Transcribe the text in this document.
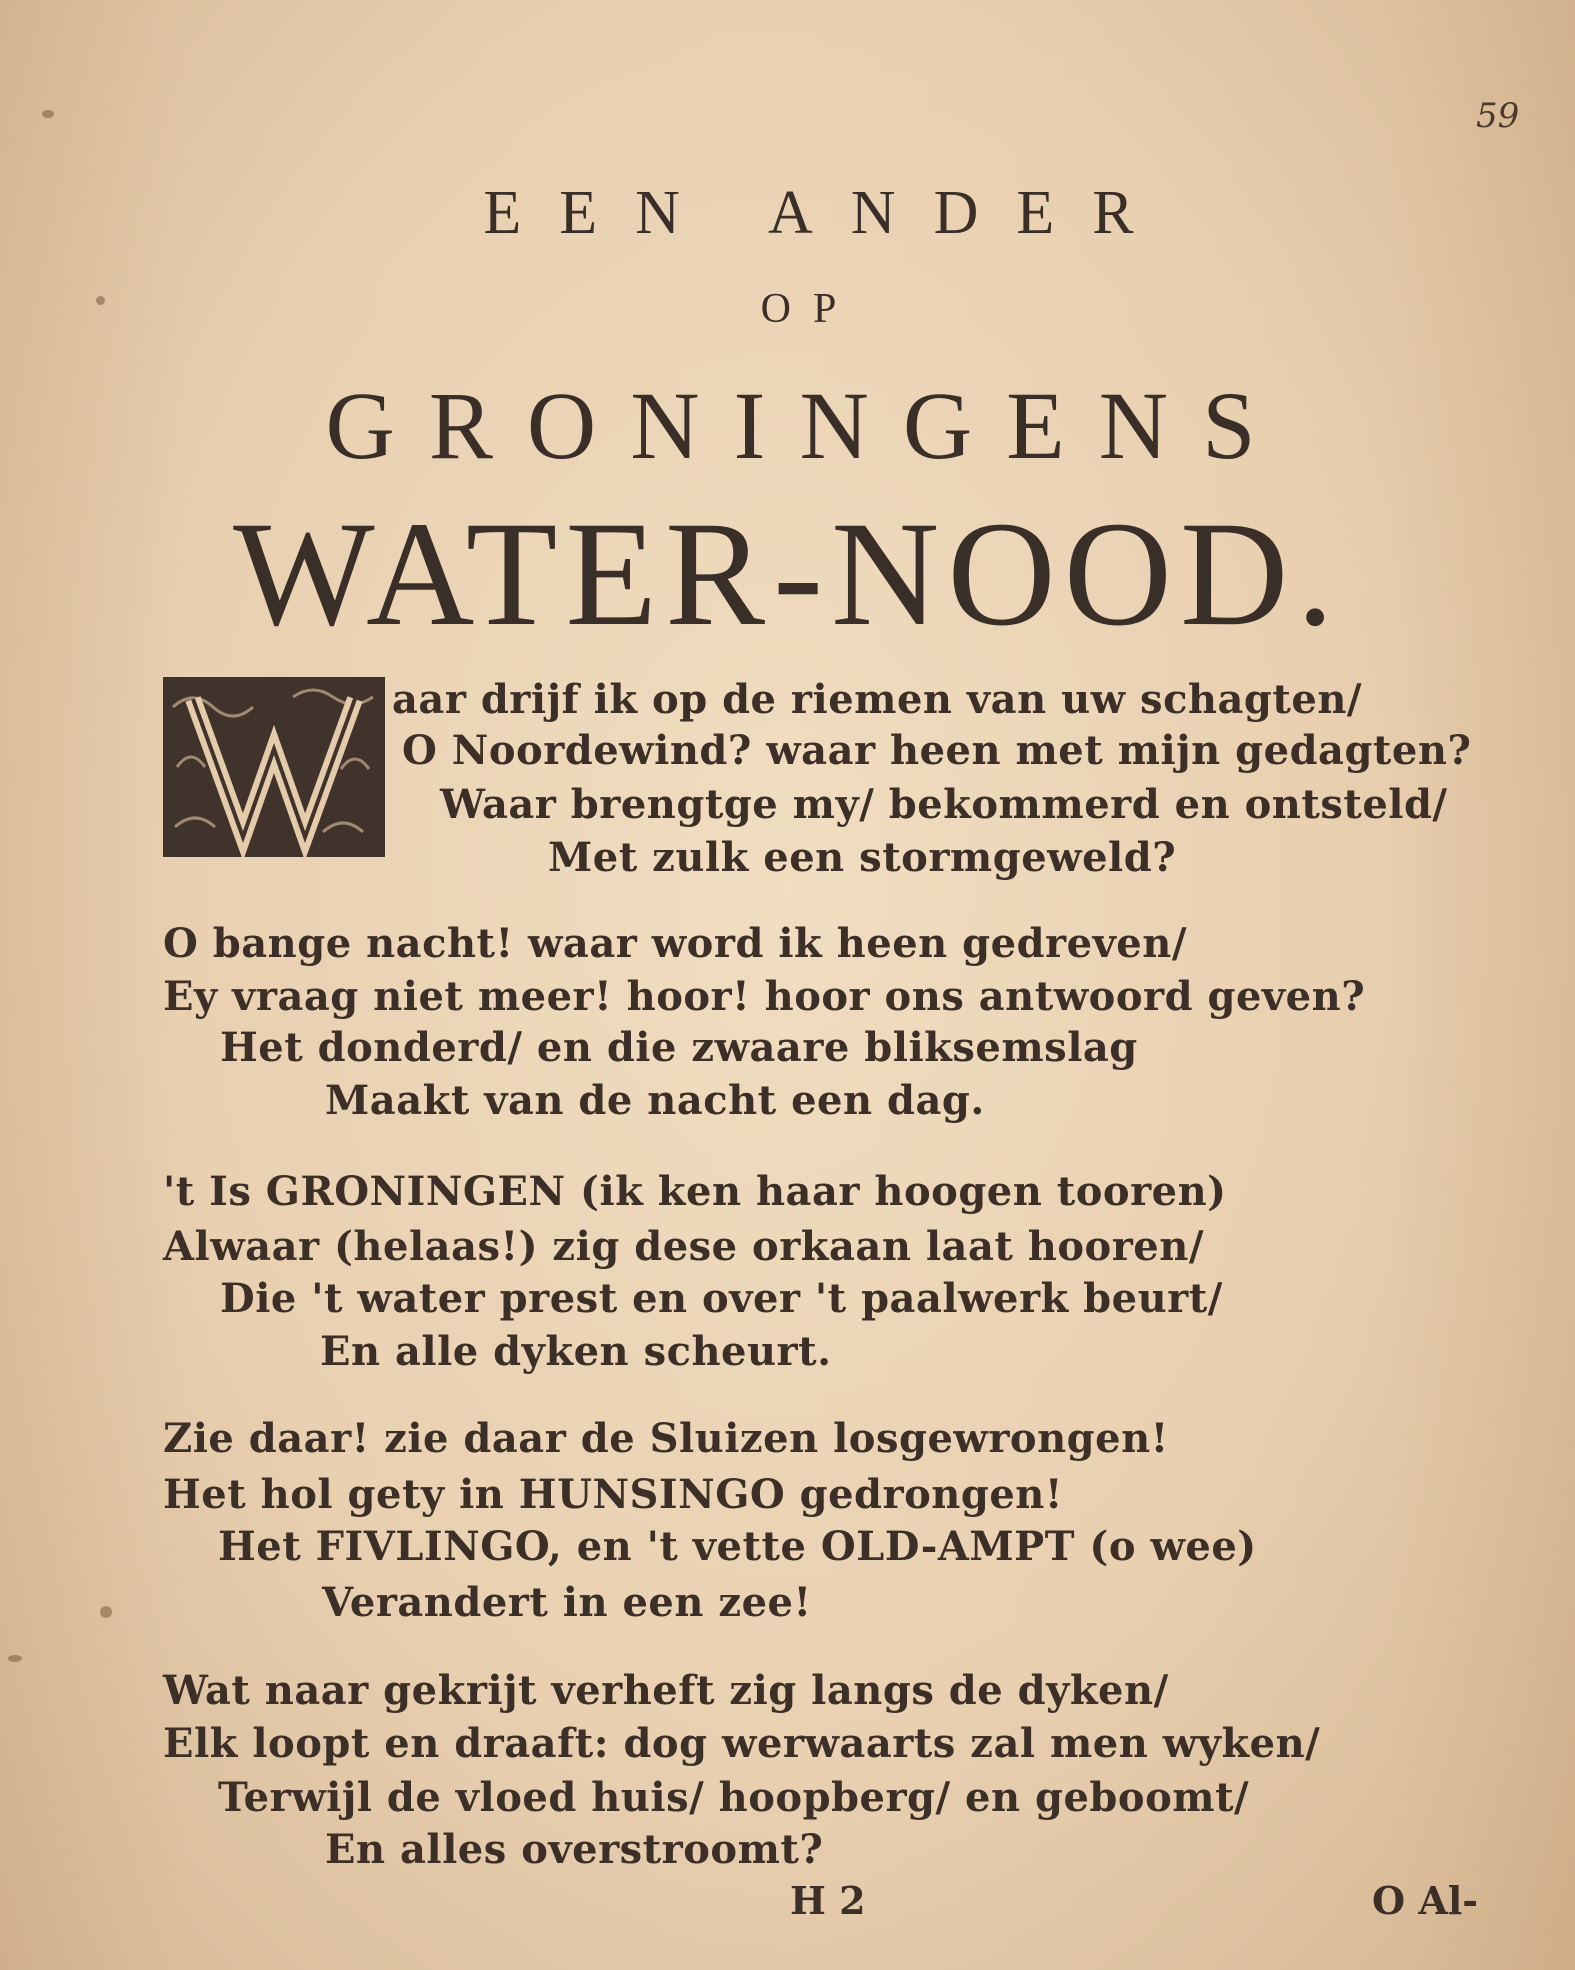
59
EEN ANDER
OP
GRONINGENS
WATER-NOOD.
aar drijf ik op de riemen van uw schagten/
O Noordewind? waar heen met mijn gedagten?
Waar brengtge my/ bekommerd en ontsteld/
Met zulk een stormgeweld?
O bange nacht! waar word ik heen gedreven/
Ey vraag niet meer! hoor! hoor ons antwoord geven?
Het donderd/ en die zwaare bliksemslag
Maakt van de nacht een dag.
't Is GRONINGEN (ik ken haar hoogen tooren)
Alwaar (helaas!) zig dese orkaan laat hooren/
Die 't water prest en over 't paalwerk beurt/
En alle dyken scheurt.
Zie daar! zie daar de Sluizen losgewrongen!
Het hol gety in HUNSINGO gedrongen!
Het FIVLINGO, en 't vette OLD-AMPT (o wee)
Verandert in een zee!
Wat naar gekrijt verheft zig langs de dyken/
Elk loopt en draaft: dog werwaarts zal men wyken/
Terwijl de vloed huis/ hoopberg/ en geboomt/
En alles overstroomt?
H 2	O Al-
